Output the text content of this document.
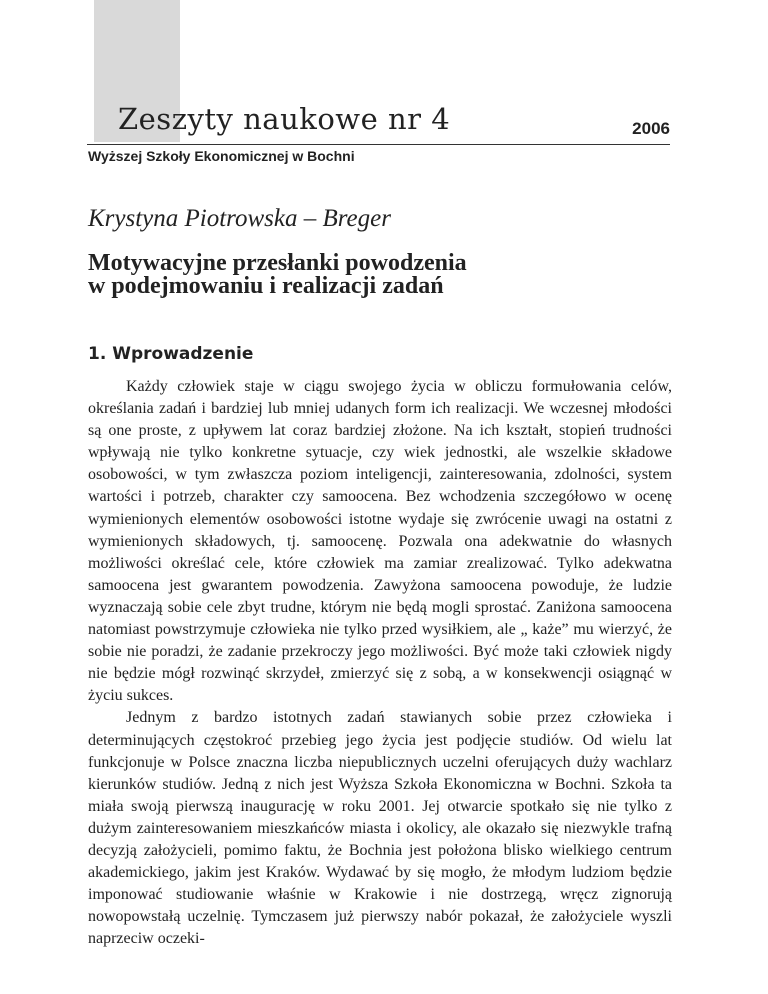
Zeszyty naukowe nr 4	2006
Wyższej Szkoły Ekonomicznej w Bochni
Krystyna Piotrowska – Breger
Motywacyjne przesłanki powodzenia
w podejmowaniu i realizacji zadań
1. Wprowadzenie

Każdy człowiek staje w ciągu swojego życia w obliczu formułowania celów, określania zadań i bardziej lub mniej udanych form ich realizacji. We wczesnej młodości są one proste, z upływem lat coraz bardziej złożone. Na ich kształt, stopień trudności wpływają nie tylko konkretne sytuacje, czy wiek jednostki, ale wszelkie składowe osobowości, w tym zwłaszcza poziom inteligencji, zainteresowania, zdolności, system wartości i potrzeb, charakter czy samoocena. Bez wchodzenia szczegółowo w ocenę wymienionych elementów osobowości istotne wydaje się zwrócenie uwagi na ostatni z wymienionych składowych, tj. samoocenę. Pozwala ona adekwatnie do własnych możliwości określać cele, które człowiek ma zamiar zrealizować. Tylko adekwatna samoocena jest gwarantem powodzenia. Zawyżona samoocena powoduje, że ludzie wyznaczają sobie cele zbyt trudne, którym nie będą mogli sprostać. Zaniżona samoocena natomiast powstrzymuje człowieka nie tylko przed wysiłkiem, ale „ każe” mu wierzyć, że sobie nie poradzi, że zadanie przekroczy jego możliwości. Być może taki człowiek nigdy nie będzie mógł rozwinąć skrzydeł, zmierzyć się z sobą, a w konsekwencji osiągnąć w życiu sukces.

Jednym z bardzo istotnych zadań stawianych sobie przez człowieka i determinujących częstokroć przebieg jego życia jest podjęcie studiów. Od wielu lat funkcjonuje w Polsce znaczna liczba niepublicznych uczelni oferujących duży wachlarz kierunków studiów. Jedną z nich jest Wyższa Szkoła Ekonomiczna w Bochni. Szkoła ta miała swoją pierwszą inaugurację w roku 2001. Jej otwarcie spotkało się nie tylko z dużym zainteresowaniem mieszkańców miasta i okolicy, ale okazało się niezwykle trafną decyzją założycieli, pomimo faktu, że Bochnia jest położona blisko wielkiego centrum akademickiego, jakim jest Kraków. Wydawać by się mogło, że młodym ludziom będzie imponować studiowanie właśnie w Krakowie i nie dostrzegą, wręcz zignorują nowopowstałą uczelnię. Tymczasem już pierwszy nabór pokazał, że założyciele wyszli naprzeciw oczeki-
